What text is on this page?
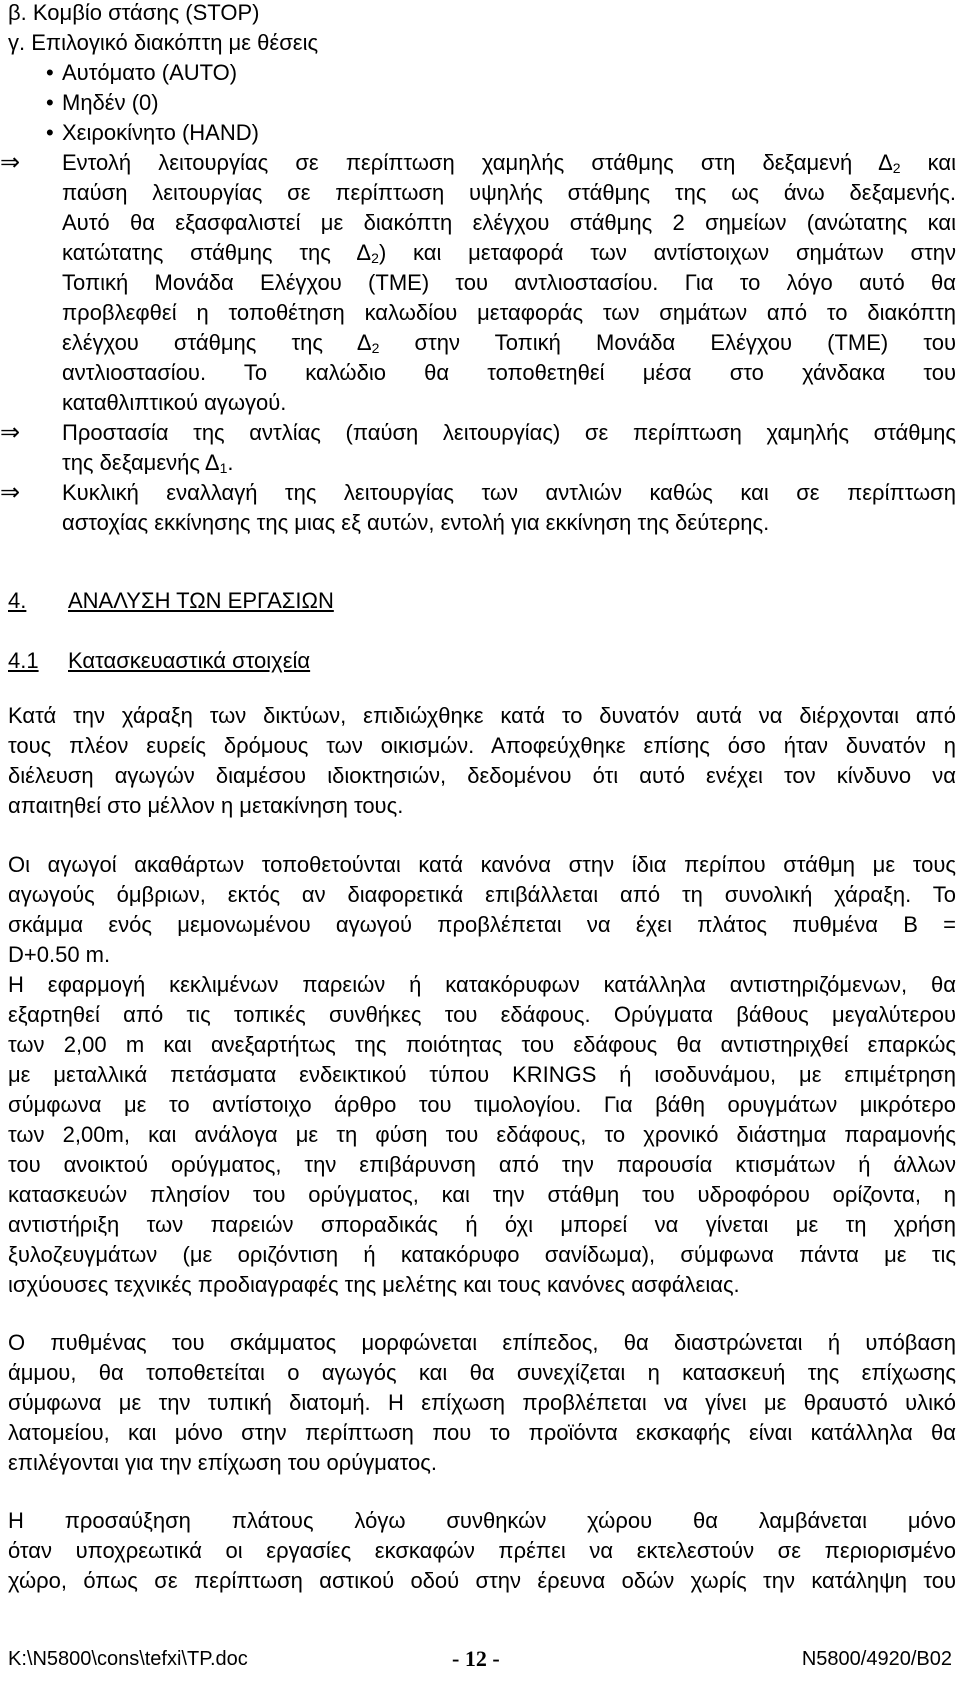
β. Κομβίο στάσης (STOP)
γ. Επιλογικό διακόπτη με θέσεις
• Αυτόματο (AUTO)
• Μηδέν (0)
• Χειροκίνητο (HAND)
⇒ Εντολή λειτουργίας σε περίπτωση χαμηλής στάθμης στη δεξαμενή $\Delta_2$ και
παύση λειτουργίας σε περίπτωση υψηλής στάθμης της ως άνω δεξαμενής.
Αυτό θα εξασφαλιστεί με διακόπτη ελέγχου στάθμης 2 σημείων (ανώτατης και
κατώτατης στάθμης της $\Delta_2$) και μεταφορά των αντίστοιχων σημάτων στην
Τοπική Μονάδα Ελέγχου (ΤΜΕ) του αντλιοστασίου. Για το λόγο αυτό θα
προβλεφθεί η τοποθέτηση καλωδίου μεταφοράς των σημάτων από το διακόπτη
ελέγχου στάθμης της $\Delta_2$ στην Τοπική Μονάδα Ελέγχου (ΤΜΕ) του
αντλιοστασίου. Το καλώδιο θα τοποθετηθεί μέσα στο χάνδακα του
καταθλιπτικού αγωγού.
⇒ Προστασία της αντλίας (παύση λειτουργίας) σε περίπτωση χαμηλής στάθμης
της δεξαμενής $\Delta_1$.
⇒ Κυκλική εναλλαγή της λειτουργίας των αντλιών καθώς και σε περίπτωση
αστοχίας εκκίνησης της μιας εξ αυτών, εντολή για εκκίνηση της δεύτερης.
4. ΑΝΑΛΥΣΗ ΤΩΝ ΕΡΓΑΣΙΩΝ
4.1 Κατασκευαστικά στοιχεία
Κατά την χάραξη των δικτύων, επιδιώχθηκε κατά το δυνατόν αυτά να διέρχονται από
τους πλέον ευρείς δρόμους των οικισμών. Αποφεύχθηκε επίσης όσο ήταν δυνατόν η
διέλευση αγωγών διαμέσου ιδιοκτησιών, δεδομένου ότι αυτό ενέχει τον κίνδυνο να
απαιτηθεί στο μέλλον η μετακίνηση τους.
Οι αγωγοί ακαθάρτων τοποθετούνται κατά κανόνα στην ίδια περίπου στάθμη με τους
αγωγούς όμβριων, εκτός αν διαφορετικά επιβάλλεται από τη συνολική χάραξη. Το
σκάμμα ενός μεμονωμένου αγωγού προβλέπεται να έχει πλάτος πυθμένα B =
D+0.50 m.
Η εφαρμογή κεκλιμένων παρειών ή κατακόρυφων κατάλληλα αντιστηριζόμενων, θα
εξαρτηθεί από τις τοπικές συνθήκες του εδάφους. Ορύγματα βάθους μεγαλύτερου
των 2,00 m και ανεξαρτήτως της ποιότητας του εδάφους θα αντιστηριχθεί επαρκώς
με μεταλλικά πετάσματα ενδεικτικού τύπου KRINGS ή ισοδυνάμου, με επιμέτρηση
σύμφωνα με το αντίστοιχο άρθρο του τιμολογίου. Για βάθη ορυγμάτων μικρότερο
των 2,00m, και ανάλογα με τη φύση του εδάφους, το χρονικό διάστημα παραμονής
του ανοικτού ορύγματος, την επιβάρυνση από την παρουσία κτισμάτων ή άλλων
κατασκευών πλησίον του ορύγματος, και την στάθμη του υδροφόρου ορίζοντα, η
αντιστήριξη των παρειών σποραδικάς ή όχι μπορεί να γίνεται με τη χρήση
ξυλοζευγμάτων (με οριζόντιση ή κατακόρυφο σανίδωμα), σύμφωνα πάντα με τις
ισχύουσες τεχνικές προδιαγραφές της μελέτης και τους κανόνες ασφάλειας.
Ο πυθμένας του σκάμματος μορφώνεται επίπεδος, θα διαστρώνεται ή υπόβαση
άμμου, θα τοποθετείται ο αγωγός και θα συνεχίζεται η κατασκευή της επίχωσης
σύμφωνα με την τυπική διατομή. Η επίχωση προβλέπεται να γίνει με θραυστό υλικό
λατομείου, και μόνο στην περίπτωση που το προϊόντα εκσκαφής είναι κατάλληλα θα
επιλέγονται για την επίχωση του ορύγματος.
Η προσαύξηση πλάτους λόγω συνθηκών χώρου θα λαμβάνεται μόνο
όταν υποχρεωτικά οι εργασίες εκσκαφών πρέπει να εκτελεστούν σε περιορισμένο
χώρο, όπως σε περίπτωση αστικού οδού στην έρευνα οδών χωρίς την κατάληψη του
K:\N5800\cons\tefxi\TP.doc	- 12 -	N5800/4920/B02
